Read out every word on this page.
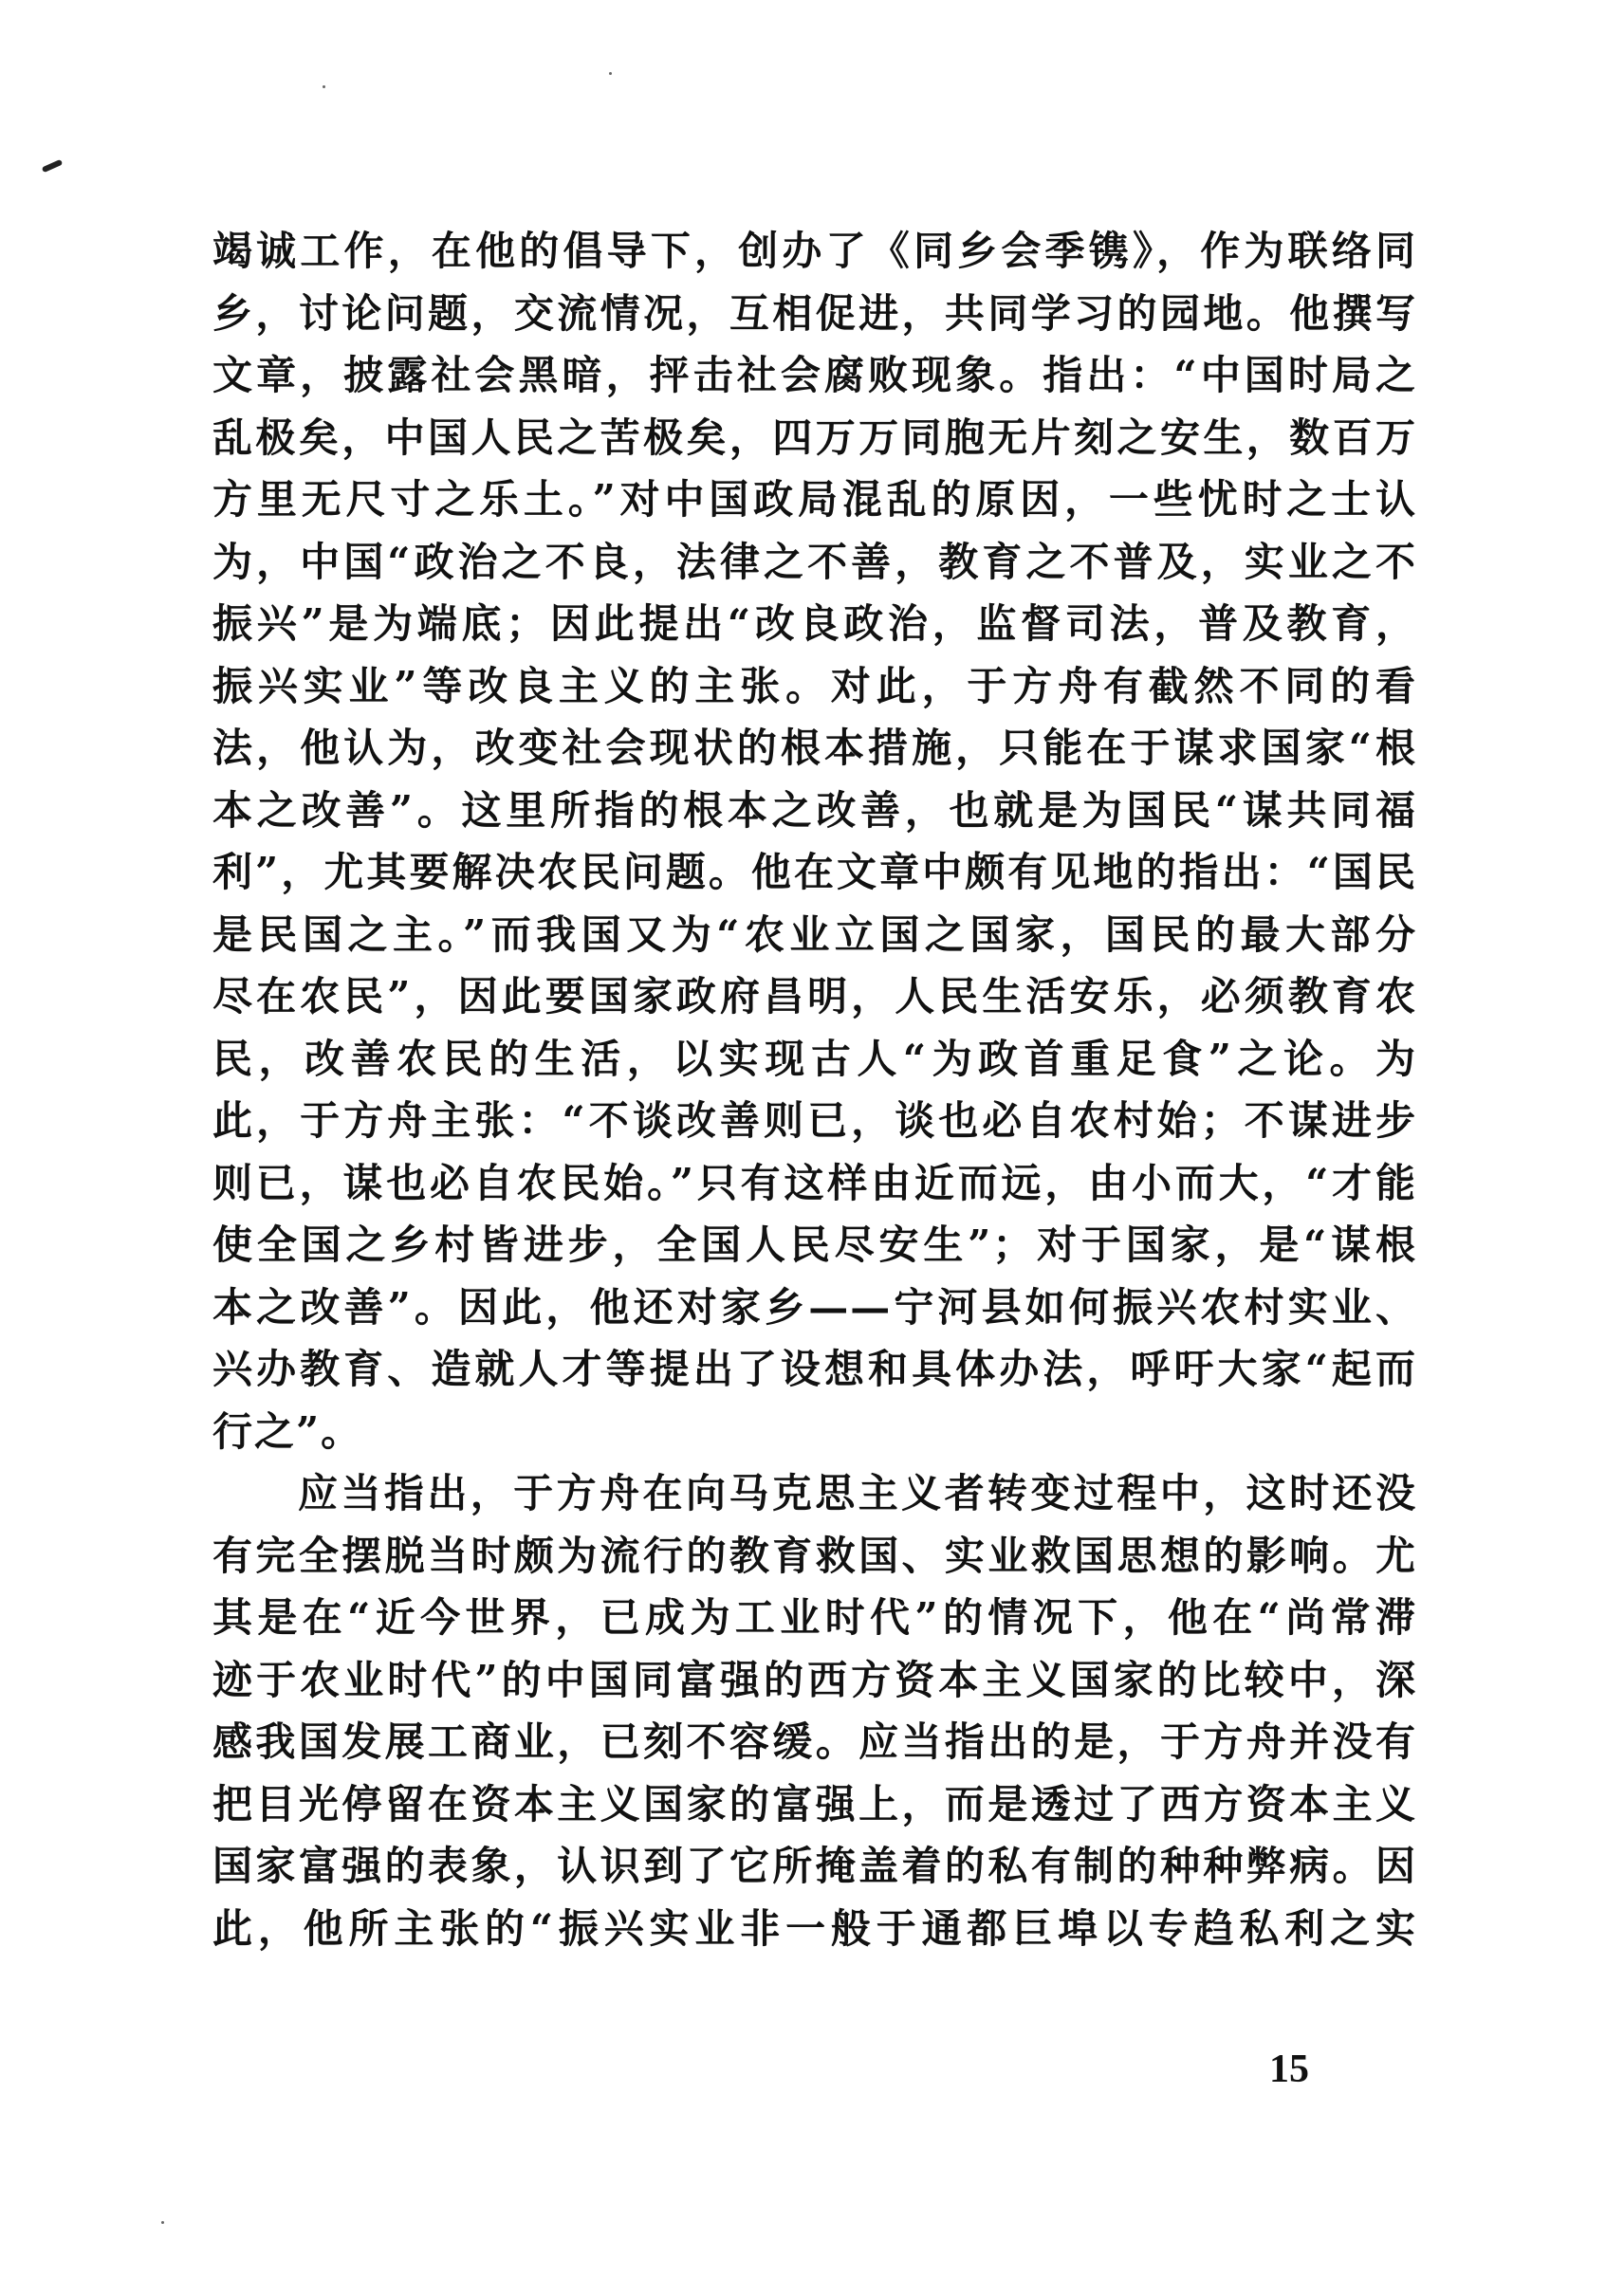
竭诚工作，在他的倡导下，创办了《同乡会季镌》，作为联络同
乡，讨论问题，交流情况，互相促进，共同学习的园地。他撰写
文章，披露社会黑暗，抨击社会腐败现象。指出：“中国时局之
乱极矣，中国人民之苦极矣，四万万同胞无片刻之安生，数百万
方里无尺寸之乐土。”对中国政局混乱的原因，一些忧时之士认
为，中国“政治之不良，法律之不善，教育之不普及，实业之不
振兴”是为端底；因此提出“改良政治，监督司法，普及教育，
振兴实业”等改良主义的主张。对此，于方舟有截然不同的看
法，他认为，改变社会现状的根本措施，只能在于谋求国家“根
本之改善”。这里所指的根本之改善，也就是为国民“谋共同福
利”，尤其要解决农民问题。他在文章中颇有见地的指出：“国民
是民国之主。”而我国又为“农业立国之国家，国民的最大部分
尽在农民”，因此要国家政府昌明，人民生活安乐，必须教育农
民，改善农民的生活，以实现古人“为政首重足食”之论。为
此，于方舟主张：“不谈改善则已，谈也必自农村始；不谋进步
则已，谋也必自农民始。”只有这样由近而远，由小而大，“才能
使全国之乡村皆进步，全国人民尽安生”；对于国家，是“谋根
本之改善”。因此，他还对家乡——宁河县如何振兴农村实业、
兴办教育、造就人才等提出了设想和具体办法，呼吁大家“起而
行之”。
应当指出，于方舟在向马克思主义者转变过程中，这时还没
有完全摆脱当时颇为流行的教育救国、实业救国思想的影响。尤
其是在“近今世界，已成为工业时代”的情况下，他在“尚常滞
迹于农业时代”的中国同富强的西方资本主义国家的比较中，深
感我国发展工商业，已刻不容缓。应当指出的是，于方舟并没有
把目光停留在资本主义国家的富强上，而是透过了西方资本主义
国家富强的表象，认识到了它所掩盖着的私有制的种种弊病。因
此，他所主张的“振兴实业非一般于通都巨埠以专趋私利之实
15
